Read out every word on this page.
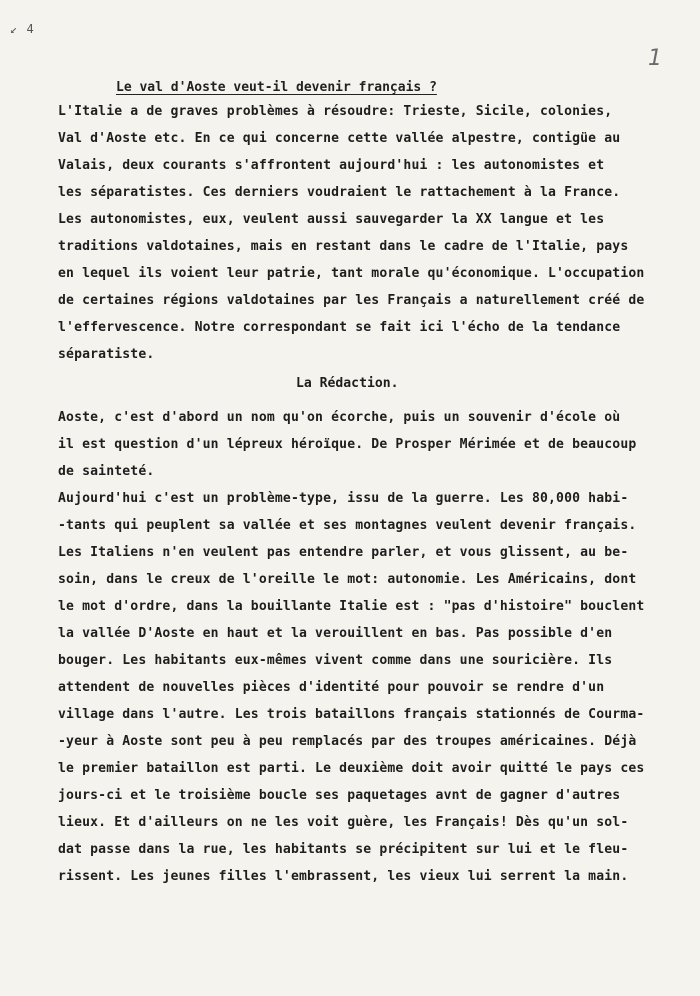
↙ 4
1
Le val d'Aoste veut-il devenir français ?
L'Italie a de graves problèmes à résoudre: Trieste, Sicile, colonies,
Val d'Aoste etc. En ce qui concerne cette vallée alpestre, contigüe au
Valais, deux courants s'affrontent aujourd'hui : les autonomistes et
les séparatistes. Ces derniers voudraient le rattachement à la France.
Les autonomistes, eux, veulent aussi sauvegarder la XX langue et les
traditions valdotaines, mais en restant dans le cadre de l'Italie, pays
en lequel ils voient leur patrie, tant morale qu'économique. L'occupation
de certaines régions valdotaines par les Français a naturellement créé de
l'effervescence. Notre correspondant se fait ici l'écho de la tendance
séparatiste.
La Rédaction.
Aoste, c'est d'abord un nom qu'on écorche, puis un souvenir d'école où
il est question d'un lépreux héroïque. De Prosper Mérimée et de beaucoup
de sainteté.
Aujourd'hui c'est un problème-type, issu de la guerre. Les 80,000 habi-
-tants qui peuplent sa vallée et ses montagnes veulent devenir français.
Les Italiens n'en veulent pas entendre parler, et vous glissent, au be-
soin, dans le creux de l'oreille le mot: autonomie. Les Américains, dont
le mot d'ordre, dans la bouillante Italie est : "pas d'histoire" bouclent
la vallée D'Aoste en haut et la verouillent en bas. Pas possible d'en
bouger. Les habitants eux-mêmes vivent comme dans une souricière. Ils
attendent de nouvelles pièces d'identité pour pouvoir se rendre d'un
village dans l'autre. Les trois bataillons français stationnés de Courma-
-yeur à Aoste sont peu à peu remplacés par des troupes américaines. Déjà
le premier bataillon est parti. Le deuxième doit avoir quitté le pays ces
jours-ci et le troisième boucle ses paquetages avnt de gagner d'autres
lieux. Et d'ailleurs on ne les voit guère, les Français! Dès qu'un sol-
dat passe dans la rue, les habitants se précipitent sur lui et le fleu-
rissent. Les jeunes filles l'embrassent, les vieux lui serrent la main.
